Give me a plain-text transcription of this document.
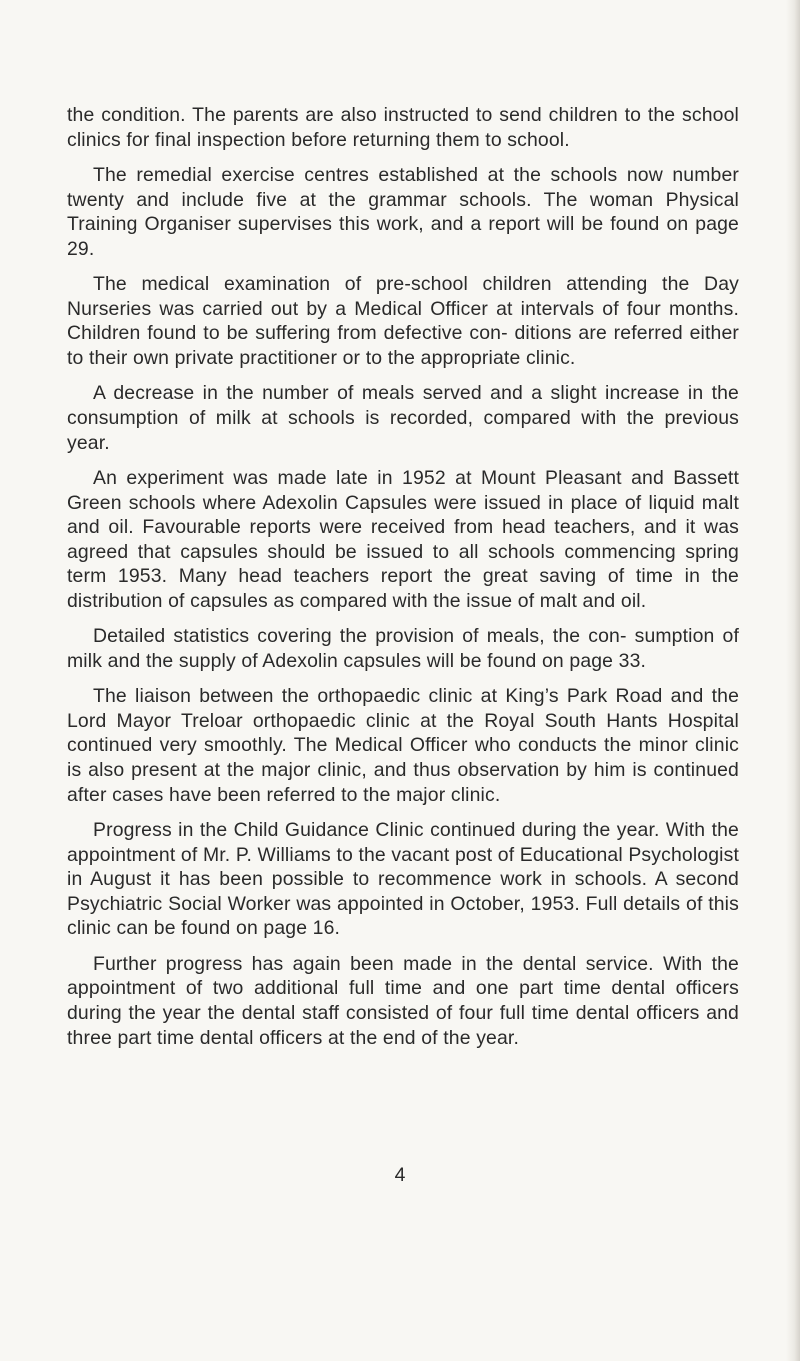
the condition. The parents are also instructed to send children to the school clinics for final inspection before returning them to school.

The remedial exercise centres established at the schools now number twenty and include five at the grammar schools. The woman Physical Training Organiser supervises this work, and a report will be found on page 29.

The medical examination of pre-school children attending the Day Nurseries was carried out by a Medical Officer at intervals of four months. Children found to be suffering from defective con- ditions are referred either to their own private practitioner or to the appropriate clinic.

A decrease in the number of meals served and a slight increase in the consumption of milk at schools is recorded, compared with the previous year.

An experiment was made late in 1952 at Mount Pleasant and Bassett Green schools where Adexolin Capsules were issued in place of liquid malt and oil. Favourable reports were received from head teachers, and it was agreed that capsules should be issued to all schools commencing spring term 1953. Many head teachers report the great saving of time in the distribution of capsules as compared with the issue of malt and oil.

Detailed statistics covering the provision of meals, the con- sumption of milk and the supply of Adexolin capsules will be found on page 33.

The liaison between the orthopaedic clinic at King’s Park Road and the Lord Mayor Treloar orthopaedic clinic at the Royal South Hants Hospital continued very smoothly. The Medical Officer who conducts the minor clinic is also present at the major clinic, and thus observation by him is continued after cases have been referred to the major clinic.

Progress in the Child Guidance Clinic continued during the year. With the appointment of Mr. P. Williams to the vacant post of Educational Psychologist in August it has been possible to recommence work in schools. A second Psychiatric Social Worker was appointed in October, 1953. Full details of this clinic can be found on page 16.

Further progress has again been made in the dental service. With the appointment of two additional full time and one part time dental officers during the year the dental staff consisted of four full time dental officers and three part time dental officers at the end of the year.

4
